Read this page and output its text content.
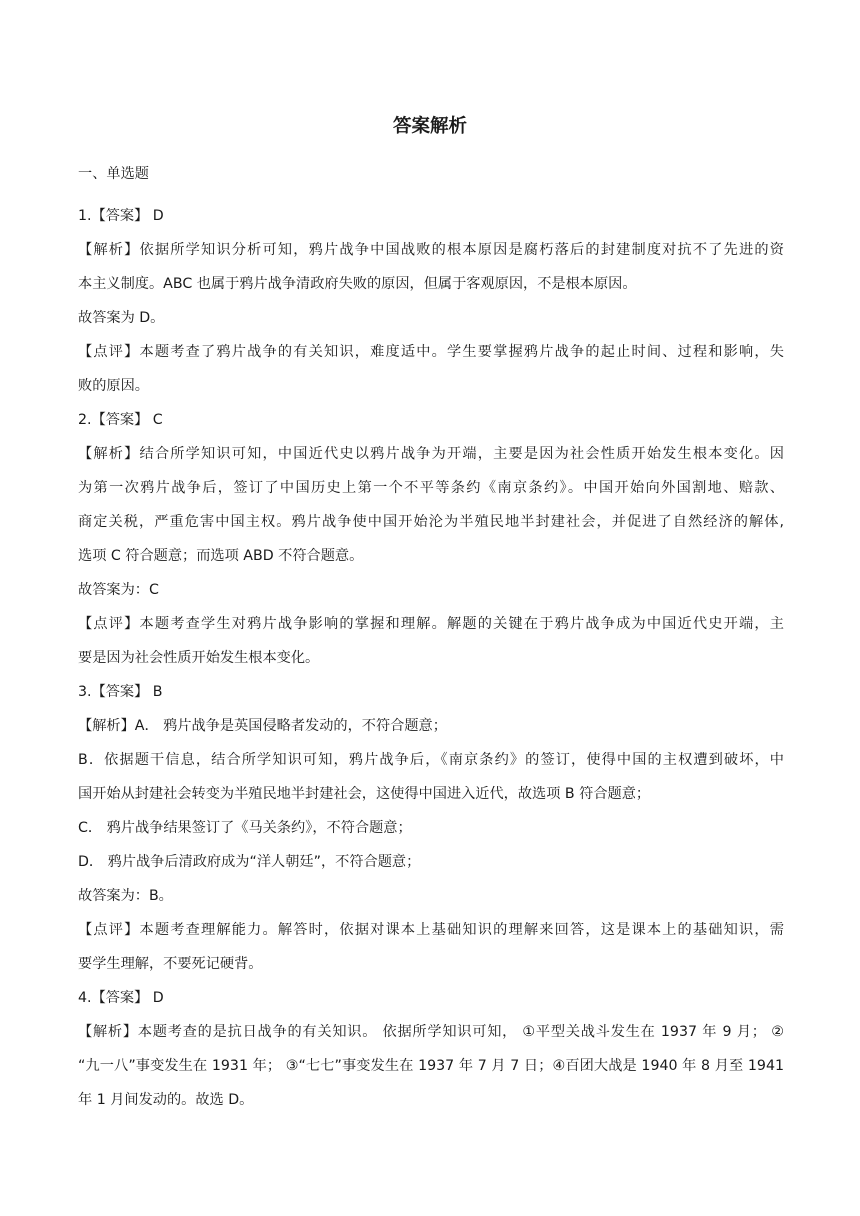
答案解析
一、单选题
1.【答案】 D
【解析】依据所学知识分析可知，鸦片战争中国战败的根本原因是腐朽落后的封建制度对抗不了先进的资
本主义制度。ABC 也属于鸦片战争清政府失败的原因，但属于客观原因，不是根本原因。
故答案为 D。
【点评】本题考查了鸦片战争的有关知识，难度适中。学生要掌握鸦片战争的起止时间、过程和影响，失
败的原因。
2.【答案】 C
【解析】结合所学知识可知，中国近代史以鸦片战争为开端，主要是因为社会性质开始发生根本变化。因
为第一次鸦片战争后，签订了中国历史上第一个不平等条约《南京条约》。中国开始向外国割地、赔款、
商定关税，严重危害中国主权。鸦片战争使中国开始沦为半殖民地半封建社会，并促进了自然经济的解体,
选项 C 符合题意；而选项 ABD 不符合题意。
故答案为：C
【点评】本题考查学生对鸦片战争影响的掌握和理解。解题的关键在于鸦片战争成为中国近代史开端，主
要是因为社会性质开始发生根本变化。
3.【答案】 B
【解析】A． 鸦片战争是英国侵略者发动的，不符合题意；
B．依据题干信息，结合所学知识可知，鸦片战争后，《南京条约》的签订，使得中国的主权遭到破坏，中
国开始从封建社会转变为半殖民地半封建社会，这使得中国进入近代，故选项 B 符合题意；
C． 鸦片战争结果签订了《马关条约》，不符合题意；
D． 鸦片战争后清政府成为“洋人朝廷”，不符合题意；
故答案为：B。
【点评】本题考查理解能力。解答时，依据对课本上基础知识的理解来回答，这是课本上的基础知识，需
要学生理解，不要死记硬背。
4.【答案】 D
【解析】本题考查的是抗日战争的有关知识。 依据所学知识可知， ①平型关战斗发生在 1937 年 9 月； ②
“九一八”事变发生在 1931 年； ③“七七”事变发生在 1937 年 7 月 7 日；④百团大战是 1940 年 8 月至 1941
年 1 月间发动的。故选 D。
